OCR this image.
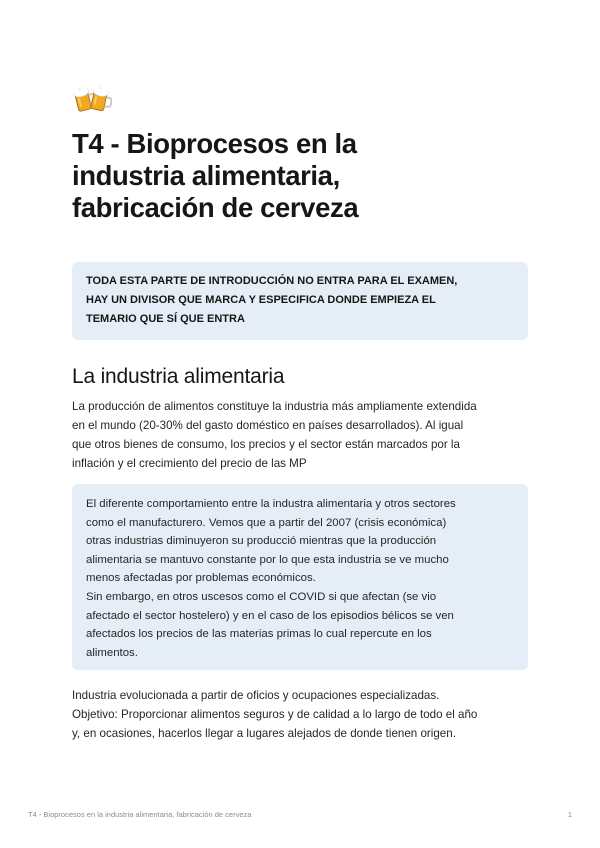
T4 - Bioprocesos en la
industria alimentaria,
fabricación de cerveza

TODA ESTA PARTE DE INTRODUCCIÓN NO ENTRA PARA EL EXAMEN,
HAY UN DIVISOR QUE MARCA Y ESPECIFICA DONDE EMPIEZA EL
TEMARIO QUE SÍ QUE ENTRA

La industria alimentaria

La producción de alimentos constituye la industria más ampliamente extendida
en el mundo (20-30% del gasto doméstico en países desarrollados). Al igual
que otros bienes de consumo, los precios y el sector están marcados por la
inflación y el crecimiento del precio de las MP

El diferente comportamiento entre la industra alimentaria y otros sectores
como el manufacturero. Vemos que a partir del 2007 (crisis económica)
otras industrias diminuyeron su producció mientras que la producción
alimentaria se mantuvo constante por lo que esta industria se ve mucho
menos afectadas por problemas económicos.
Sin embargo, en otros uscesos como el COVID si que afectan (se vio
afectado el sector hostelero) y en el caso de los episodios bélicos se ven
afectados los precios de las materias primas lo cual repercute en los
alimentos.

Industria evolucionada a partir de oficios y ocupaciones especializadas.
Objetivo: Proporcionar alimentos seguros y de calidad a lo largo de todo el año
y, en ocasiones, hacerlos llegar a lugares alejados de donde tienen origen.

T4 - Bioprocesos en la industria alimentaria, fabricación de cerveza	1
